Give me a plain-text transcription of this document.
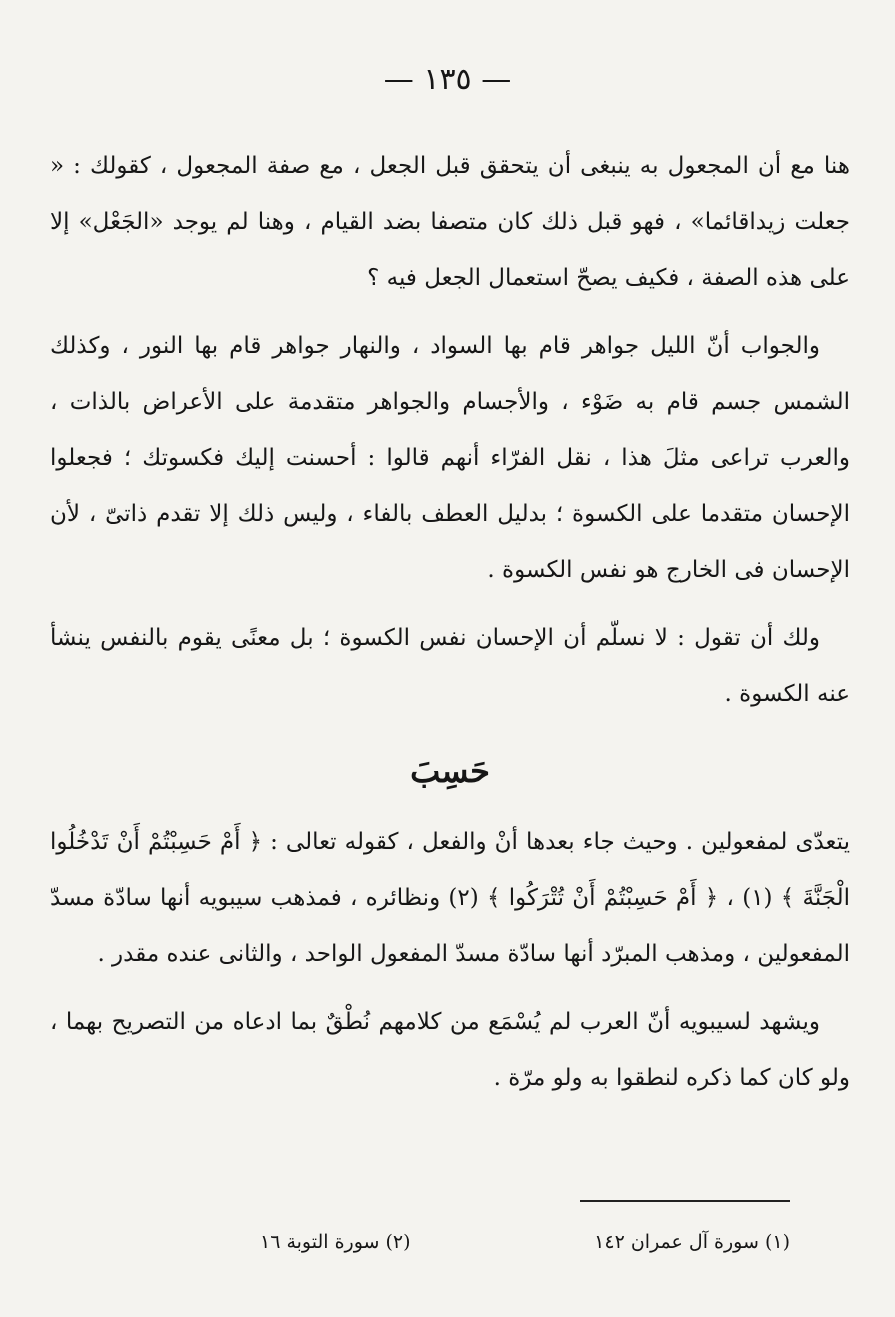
— ١٣٥ —

هنا مع أن المجعول به ينبغى أن يتحقق قبل الجعل ، مع صفة المجعول ، كقولك : « جعلت زيداقائما» ، فهو قبل ذلك كان متصفا بضد القيام ، وهنا لم يوجد «الجَعْل» إلا على هذه الصفة ، فكيف يصحّ استعمال الجعل فيه ؟

والجواب أنّ الليل جواهر قام بها السواد ، والنهار جواهر قام بها النور ، وكذلك الشمس جسم قام به ضَوْء ، والأجسام والجواهر متقدمة على الأعراض بالذات ، والعرب تراعى مثلَ هذا ، نقل الفرّاء أنهم قالوا : أحسنت إليك فكسوتك ؛ فجعلوا الإحسان متقدما على الكسوة ؛ بدليل العطف بالفاء ، وليس ذلك إلا تقدم ذاتىّ ، لأن الإحسان فى الخارج هو نفس الكسوة .

ولك أن تقول : لا نسلّم أن الإحسان نفس الكسوة ؛ بل معنًى يقوم بالنفس ينشأ عنه الكسوة .

حَسِبَ

يتعدّى لمفعولين . وحيث جاء بعدها أنْ والفعل ، كقوله تعالى : ﴿ أَمْ حَسِبْتُمْ أَنْ تَدْخُلُوا الْجَنَّةَ ﴾ (١) ، ﴿ أَمْ حَسِبْتُمْ أَنْ تُتْرَكُوا ﴾ (٢) ونظائره ، فمذهب سيبويه أنها سادّة مسدّ المفعولين ، ومذهب المبرّد أنها سادّة مسدّ المفعول الواحد ، والثانى عنده مقدر .

ويشهد لسيبويه أنّ العرب لم يُسْمَع من كلامهم نُطْقٌ بما ادعاه من التصريح بهما ، ولو كان كما ذكره لنطقوا به ولو مرّة .

(١) سورة آل عمران ١٤٢
(٢) سورة التوبة ١٦
